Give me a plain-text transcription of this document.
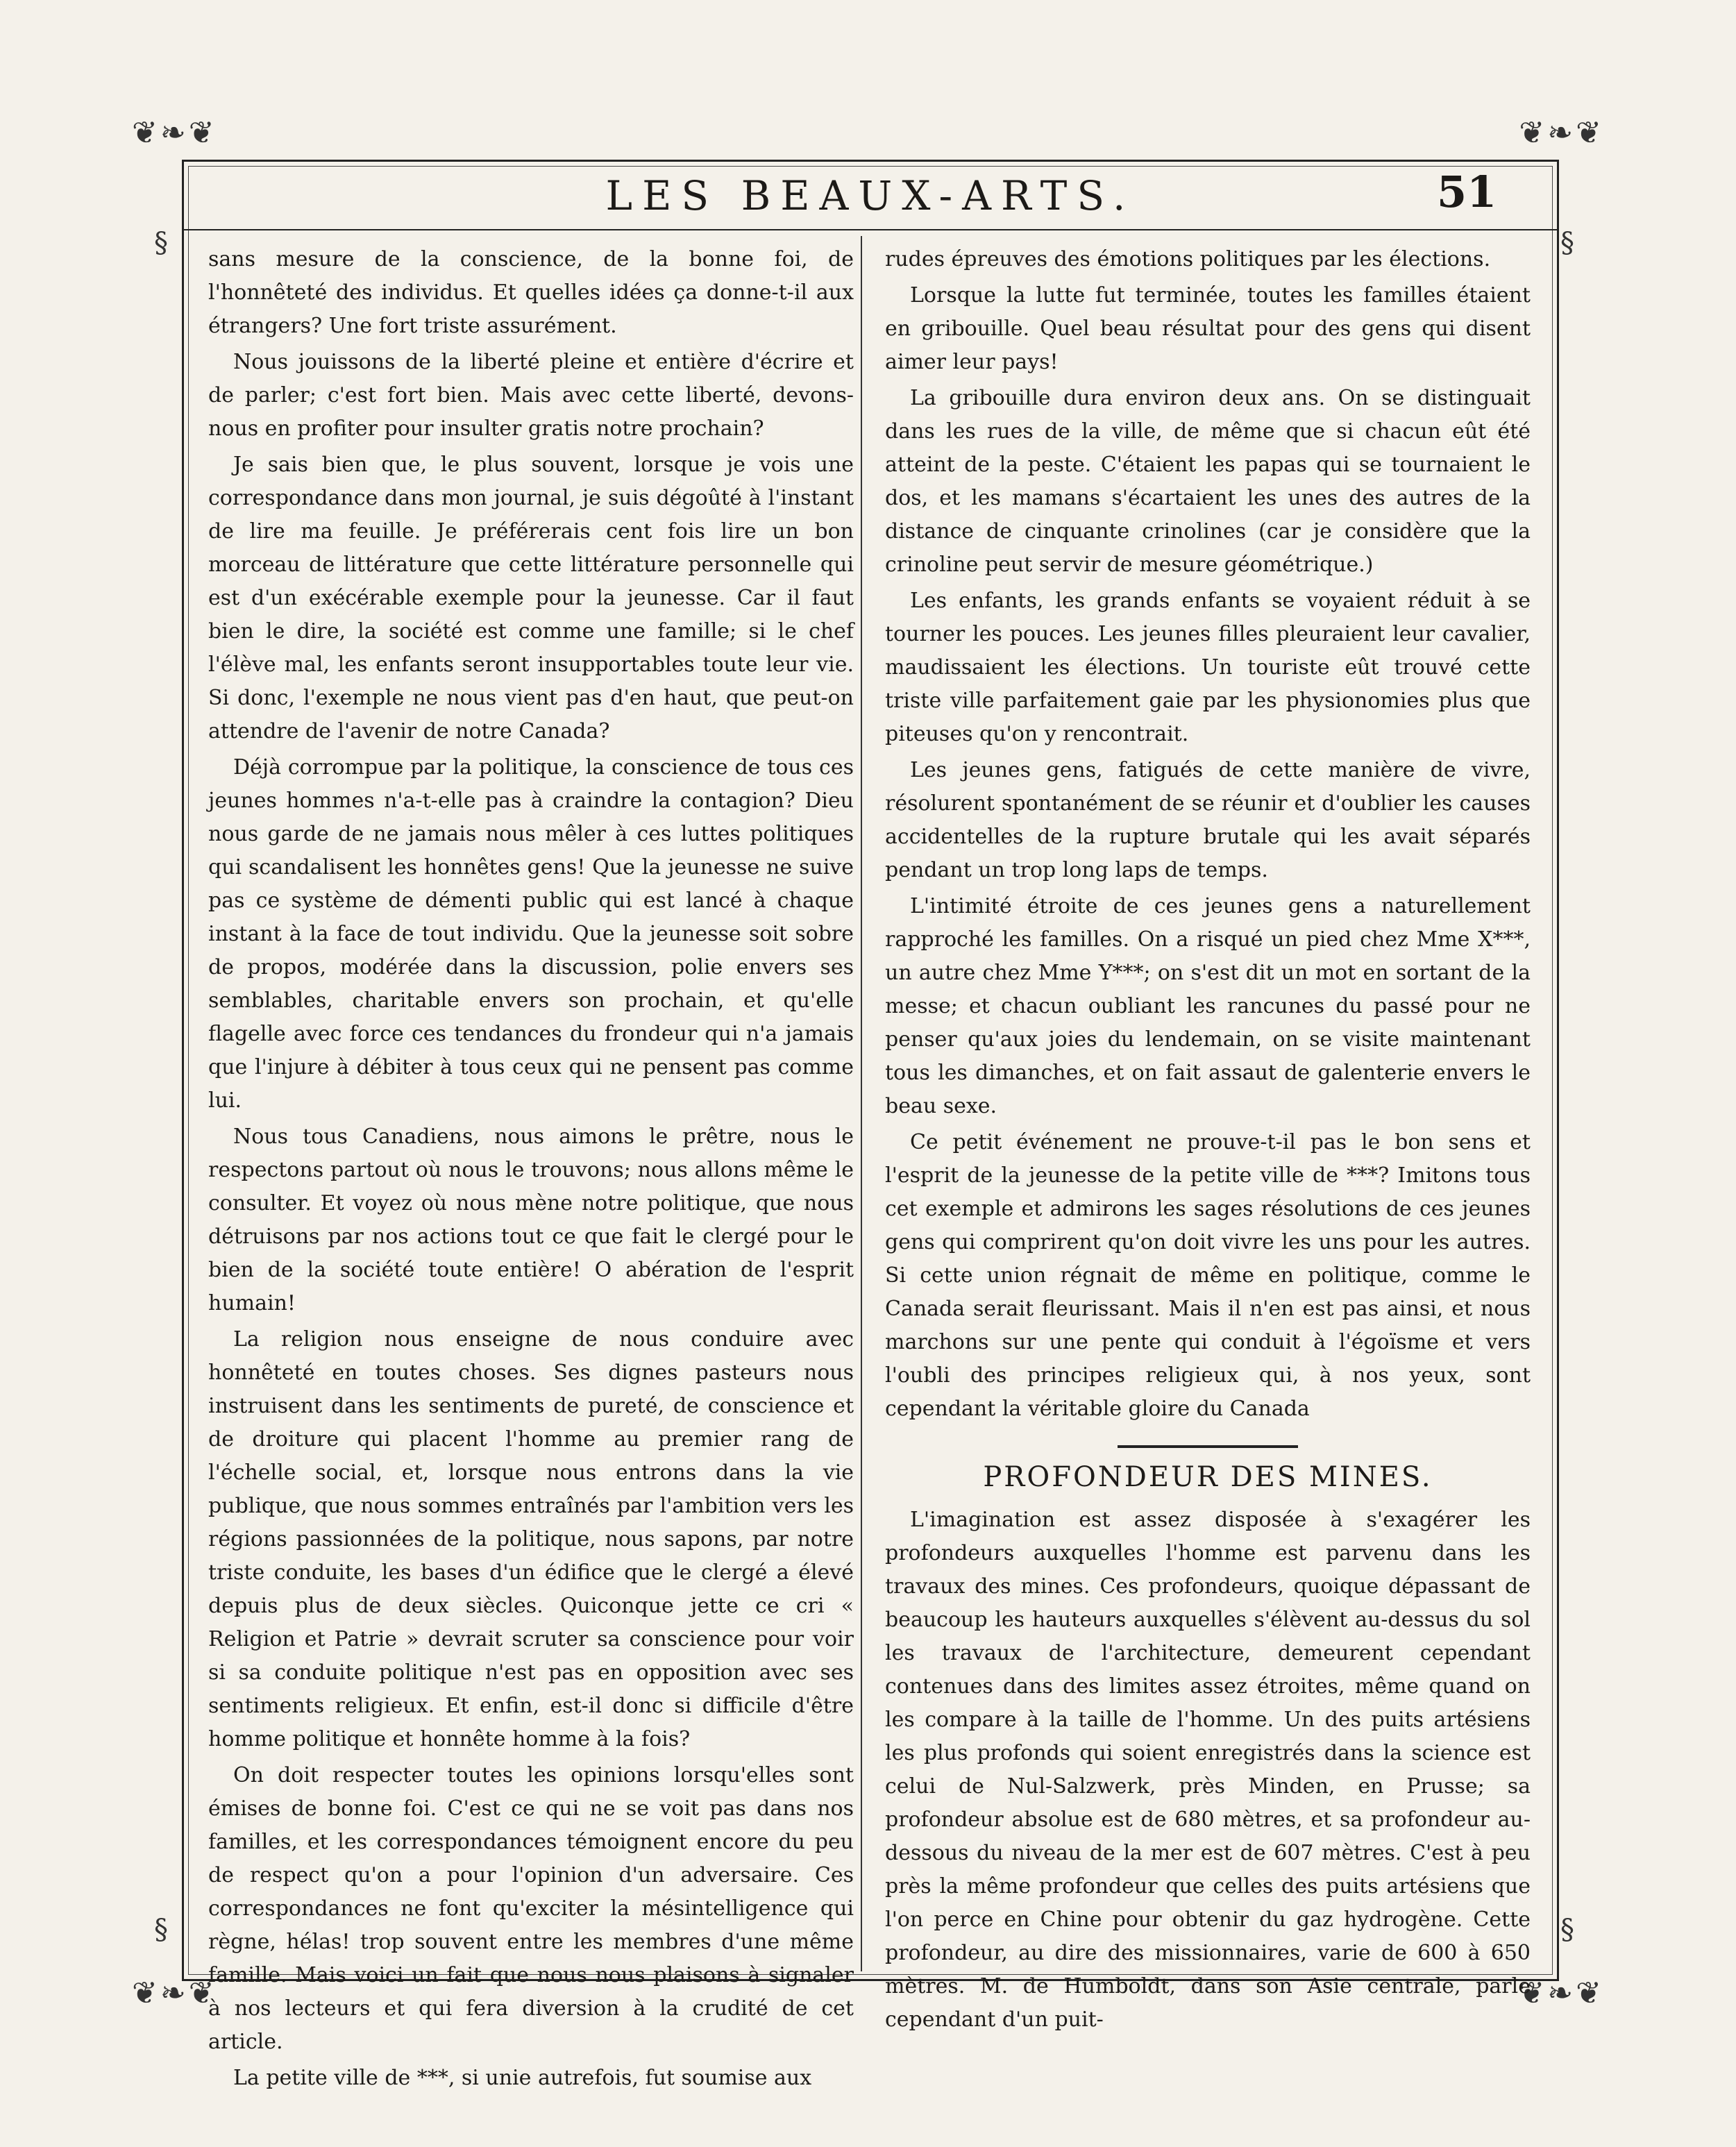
❦❧❦	❦❧❦
❦❧❦	❦❧❦
§	§
§	§
LES BEAUX-ARTS.	51

sans mesure de la conscience, de la bonne foi, de l'honnêteté des individus. Et quelles idées ça donne-t-il aux étrangers? Une fort triste assurément.

Nous jouissons de la liberté pleine et entière d'écrire et de parler; c'est fort bien. Mais avec cette liberté, devons-nous en profiter pour insulter gratis notre prochain?

Je sais bien que, le plus souvent, lorsque je vois une correspondance dans mon journal, je suis dégoûté à l'instant de lire ma feuille. Je préférerais cent fois lire un bon morceau de littérature que cette littérature personnelle qui est d'un exécérable exemple pour la jeunesse. Car il faut bien le dire, la société est comme une famille; si le chef l'élève mal, les enfants seront insupportables toute leur vie. Si donc, l'exemple ne nous vient pas d'en haut, que peut-on attendre de l'avenir de notre Canada?

Déjà corrompue par la politique, la conscience de tous ces jeunes hommes n'a-t-elle pas à craindre la contagion? Dieu nous garde de ne jamais nous mêler à ces luttes politiques qui scandalisent les honnêtes gens! Que la jeunesse ne suive pas ce système de démenti public qui est lancé à chaque instant à la face de tout individu. Que la jeunesse soit sobre de propos, modérée dans la discussion, polie envers ses semblables, charitable envers son prochain, et qu'elle flagelle avec force ces tendances du frondeur qui n'a jamais que l'injure à débiter à tous ceux qui ne pensent pas comme lui.

Nous tous Canadiens, nous aimons le prêtre, nous le respectons partout où nous le trouvons; nous allons même le consulter. Et voyez où nous mène notre politique, que nous détruisons par nos actions tout ce que fait le clergé pour le bien de la société toute entière! O abération de l'esprit humain!

La religion nous enseigne de nous conduire avec honnêteté en toutes choses. Ses dignes pasteurs nous instruisent dans les sentiments de pureté, de conscience et de droiture qui placent l'homme au premier rang de l'échelle social, et, lorsque nous entrons dans la vie publique, que nous sommes entraînés par l'ambition vers les régions passionnées de la politique, nous sapons, par notre triste conduite, les bases d'un édifice que le clergé a élevé depuis plus de deux siècles. Quiconque jette ce cri « Religion et Patrie » devrait scruter sa conscience pour voir si sa conduite politique n'est pas en opposition avec ses sentiments religieux. Et enfin, est-il donc si difficile d'être homme politique et honnête homme à la fois?

On doit respecter toutes les opinions lorsqu'elles sont émises de bonne foi. C'est ce qui ne se voit pas dans nos familles, et les correspondances témoignent encore du peu de respect qu'on a pour l'opinion d'un adversaire. Ces correspondances ne font qu'exciter la mésintelligence qui règne, hélas! trop souvent entre les membres d'une même famille. Mais voici un fait que nous nous plaisons à signaler à nos lecteurs et qui fera diversion à la crudité de cet article.

La petite ville de ***, si unie autrefois, fut soumise aux

rudes épreuves des émotions politiques par les élections.

Lorsque la lutte fut terminée, toutes les familles étaient en gribouille. Quel beau résultat pour des gens qui disent aimer leur pays!

La gribouille dura environ deux ans. On se distinguait dans les rues de la ville, de même que si chacun eût été atteint de la peste. C'étaient les papas qui se tournaient le dos, et les mamans s'écartaient les unes des autres de la distance de cinquante crinolines (car je considère que la crinoline peut servir de mesure géométrique.)

Les enfants, les grands enfants se voyaient réduit à se tourner les pouces. Les jeunes filles pleuraient leur cavalier, maudissaient les élections. Un touriste eût trouvé cette triste ville parfaitement gaie par les physionomies plus que piteuses qu'on y rencontrait.

Les jeunes gens, fatigués de cette manière de vivre, résolurent spontanément de se réunir et d'oublier les causes accidentelles de la rupture brutale qui les avait séparés pendant un trop long laps de temps.

L'intimité étroite de ces jeunes gens a naturellement rapproché les familles. On a risqué un pied chez Mme X***, un autre chez Mme Y***; on s'est dit un mot en sortant de la messe; et chacun oubliant les rancunes du passé pour ne penser qu'aux joies du lendemain, on se visite maintenant tous les dimanches, et on fait assaut de galenterie envers le beau sexe.

Ce petit événement ne prouve-t-il pas le bon sens et l'esprit de la jeunesse de la petite ville de ***? Imitons tous cet exemple et admirons les sages résolutions de ces jeunes gens qui comprirent qu'on doit vivre les uns pour les autres. Si cette union régnait de même en politique, comme le Canada serait fleurissant. Mais il n'en est pas ainsi, et nous marchons sur une pente qui conduit à l'égoïsme et vers l'oubli des principes religieux qui, à nos yeux, sont cependant la véritable gloire du Canada

PROFONDEUR DES MINES.

L'imagination est assez disposée à s'exagérer les profondeurs auxquelles l'homme est parvenu dans les travaux des mines. Ces profondeurs, quoique dépassant de beaucoup les hauteurs auxquelles s'élèvent au-dessus du sol les travaux de l'architecture, demeurent cependant contenues dans des limites assez étroites, même quand on les compare à la taille de l'homme. Un des puits artésiens les plus profonds qui soient enregistrés dans la science est celui de Nul-Salzwerk, près Minden, en Prusse; sa profondeur absolue est de 680 mètres, et sa profondeur au-dessous du niveau de la mer est de 607 mètres. C'est à peu près la même profondeur que celles des puits artésiens que l'on perce en Chine pour obtenir du gaz hydrogène. Cette profondeur, au dire des missionnaires, varie de 600 à 650 mètres. M. de Humboldt, dans son Asie centrale, parle cependant d'un puit-
